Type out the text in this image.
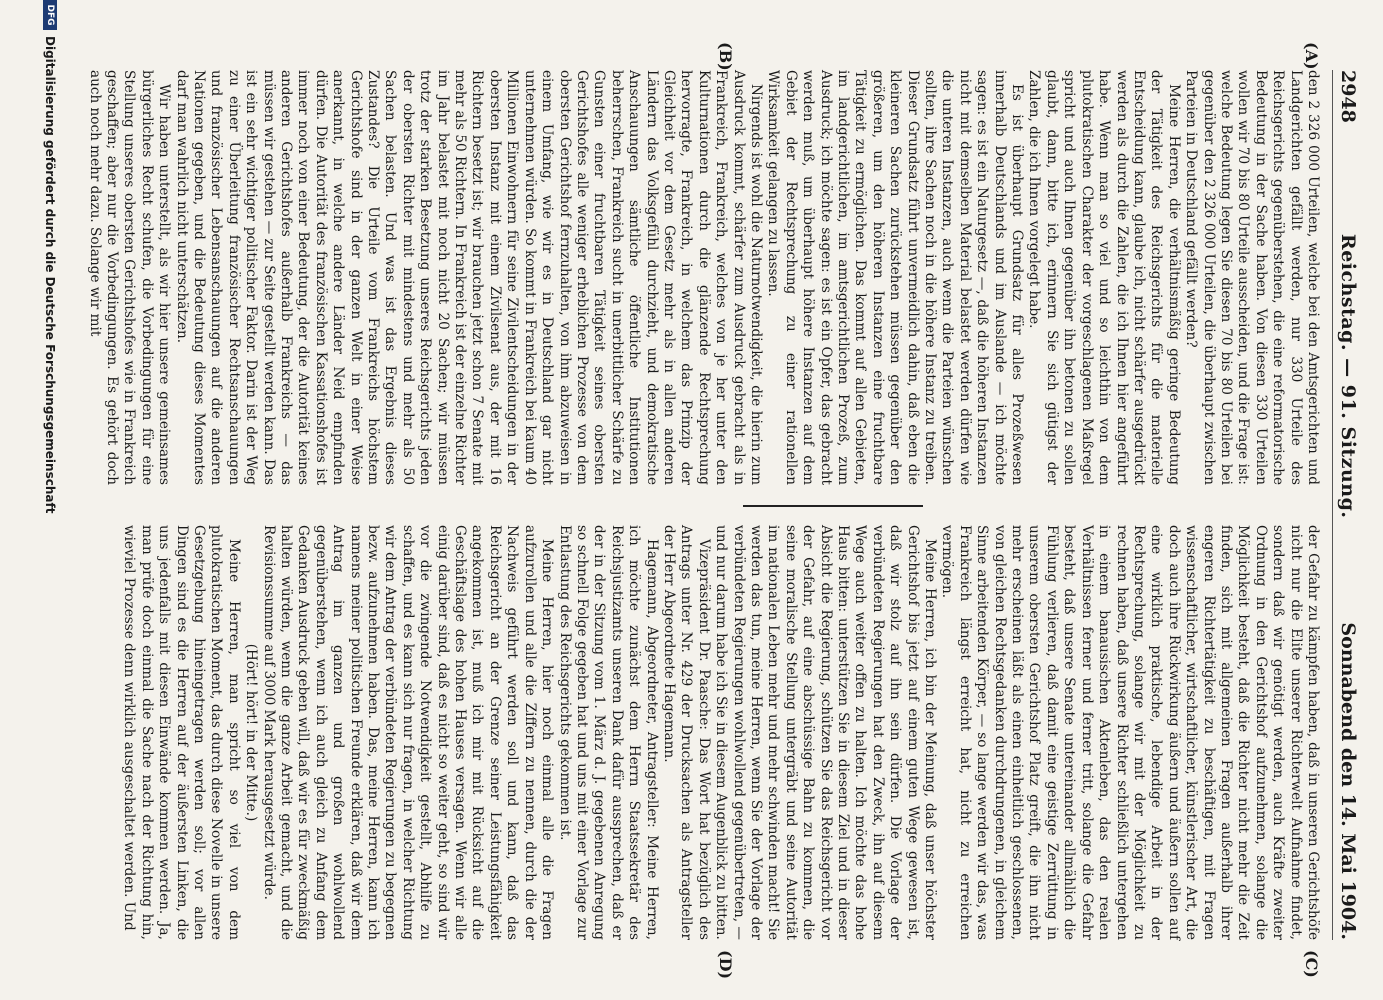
2948
Reichstag. — 91. Sitzung.
Sonnabend den 14. Mai 1904.
(A)
(B)
(C)
(D)

den 2 326 000 Urteilen, welche bei den Amtsgerichten und Landgerichten gefällt werden, nur 330 Urteile des Reichsgerichts gegenüberstehen, die eine reformatorische Bedeutung in der Sache haben. Von diesen 330 Urteilen wollen wir 70 bis 80 Urteile ausscheiden, und die Frage ist: welche Bedeutung legen Sie diesen 70 bis 80 Urteilen bei gegenüber den 2 326 000 Urteilen, die überhaupt zwischen Parteien in Deutschland gefällt werden?

Meine Herren, die verhältnismäßig geringe Bedeutung der Tätigkeit des Reichsgerichts für die materielle Entscheidung kann, glaube ich, nicht schärfer ausgedrückt werden als durch die Zahlen, die ich Ihnen hier angeführt habe. Wenn man so viel und so leichthin von dem plutokratischen Charakter der vorgeschlagenen Maßregel spricht und auch Ihnen gegenüber ihn betonen zu sollen glaubt, dann, bitte ich, erinnern Sie sich gütigst der Zahlen, die ich Ihnen vorgelegt habe.

Es ist überhaupt Grundsatz für alles Prozeßwesen innerhalb Deutschlands und im Auslande — ich möchte sagen: es ist ein Naturgesetz —, daß die höheren Instanzen nicht mit demselben Material belastet werden dürfen wie die unteren Instanzen, auch wenn die Parteien wünschen sollten, ihre Sachen noch in die höhere Instanz zu treiben. Dieser Grundsatz führt unvermeidlich dahin, daß eben die kleineren Sachen zurückstehen müssen gegenüber den größeren, um den höheren Instanzen eine fruchtbare Tätigkeit zu ermöglichen. Das kommt auf allen Gebieten, im landgerichtlichen, im amtsgerichtlichen Prozeß, zum Ausdruck; ich möchte sagen: es ist ein Opfer, das gebracht werden muß, um überhaupt höhere Instanzen auf dem Gebiet der Rechtsprechung zu einer rationellen Wirksamkeit gelangen zu lassen.

Nirgends ist wohl die Naturnotwendigkeit, die hierin zum Ausdruck kommt, schärfer zum Ausdruck gebracht als in Frankreich, Frankreich, welches von je her unter den Kulturnationen durch die glänzende Rechtsprechung hervorragte, Frankreich, in welchem das Prinzip der Gleichheit vor dem Gesetz mehr als in allen anderen Ländern das Volksgefühl durchzieht, und demokratische Anschauungen sämtliche öffentliche Institutionen beherrschen, Frankreich sucht in unerbittlicher Schärfe zu Gunsten einer fruchtbaren Tätigkeit seines obersten Gerichtshofes alle weniger erheblichen Prozesse von dem obersten Gerichtshof fernzuhalten, von ihm abzuweisen in einem Umfang, wie wir es in Deutschland gar nicht unternehmen würden. So kommt in Frankreich bei kaum 40 Millionen Einwohnern für seine Zivilentscheidungen in der obersten Instanz mit einem Zivilsenat aus, der mit 16 Richtern besetzt ist; wir brauchen jetzt schon 7 Senate mit mehr als 50 Richtern. In Frankreich ist der einzelne Richter im Jahr belastet mit noch nicht 20 Sachen; wir müssen trotz der starken Besetzung unseres Reichsgerichts jeden der obersten Richter mit mindestens und mehr als 50 Sachen belasten. Und was ist das Ergebnis dieses Zustandes? Die Urteile vom Frankreichs höchstem Gerichtshofe sind in der ganzen Welt in einer Weise anerkannt, in welche andere Länder Neid empfinden dürfen. Die Autorität des französischen Kassationshofes ist immer noch von einer Bedeutung, der die Autorität keines anderen Gerichtshofes außerhalb Frankreichs — das müssen wir gestehen — zur Seite gestellt werden kann. Das ist ein sehr wichtiger politischer Faktor. Darin ist der Weg zu einer Überleitung französischer Rechtsanschauungen und französischer Lebensanschauungen auf die anderen Nationen gegeben, und die Bedeutung dieses Momentes darf man wahrlich nicht unterschätzen.

Wir haben unterstellt, als wir hier unsere gemeinsames bürgerliches Recht schufen, die Vorbedingungen für eine Stellung unseres obersten Gerichtshofes wie in Frankreich geschaffen; aber nur die Vorbedingungen. Es gehört doch auch noch mehr dazu. Solange wir mit

der Gefahr zu kämpfen haben, daß in unseren Gerichtshöfe nicht nur die Elite unserer Richterwelt Aufnahme findet, sondern daß wir genötigt werden, auch Kräfte zweiter Ordnung in den Gerichtshof aufzunehmen, solange die Möglichkeit besteht, daß die Richter nicht mehr die Zeit finden, sich mit allgemeinen Fragen außerhalb ihrer engeren Richtertätigkeit zu beschäftigen, mit Fragen wissenschaftlicher, wirtschaftlicher, künstlerischer Art, die doch auch ihre Rückwirkung äußern und äußern sollen auf eine wirklich praktische, lebendige Arbeit in der Rechtsprechung, solange wir mit der Möglichkeit zu rechnen haben, daß unsere Richter schließlich untergehen in einem banausischen Aktenleben, das den realen Verhältnissen ferner und ferner tritt, solange die Gefahr besteht, daß unsere Senate untereinander allmählich die Fühlung verlieren, daß damit eine geistige Zerrüttung in unserem obersten Gerichtshof Platz greift, die ihn nicht mehr erscheinen läßt als einen einheitlich geschlossenen, von gleichen Rechtsgedanken durchdrungenen, in gleichem Sinne arbeitenden Körper, — so lange werden wir das, was Frankreich längst erreicht hat, nicht zu erreichen vermögen.

Meine Herren, ich bin der Meinung, daß unser höchster Gerichtshof bis jetzt auf einem guten Wege gewesen ist, daß wir stolz auf ihn sein dürfen. Die Vorlage der verbündeten Regierungen hat den Zweck, ihn auf diesem Wege auch weiter offen zu halten. Ich möchte das hohe Haus bitten: unterstützen Sie in diesem Ziel und in dieser Absicht die Regierung, schützen Sie das Reichsgericht vor der Gefahr, auf eine abschüssige Bahn zu kommen, die seine moralische Stellung untergräbt und seine Autorität im nationalen Leben mehr und mehr schwinden macht! Sie werden das tun, meine Herren, wenn Sie der Vorlage der verbündeten Regierungen wohlwollend gegenübertreten, — und nur darum habe ich Sie in diesem Augenblick zu bitten.

Vizepräsident Dr. Paasche: Das Wort hat bezüglich des Antrags unter Nr. 429 der Drucksachen als Antragsteller der Herr Abgeordnete Hagemann.

Hagemann, Abgeordneter, Antragsteller: Meine Herren, ich möchte zunächst dem Herrn Staatssekretär des Reichsjustizamts unseren Dank dafür aussprechen, daß er der in der Sitzung vom 1. März d. J. gegebenen Anregung so schnell Folge gegeben hat und uns mit einer Vorlage zur Entlastung des Reichsgerichts gekommen ist.

Meine Herren, hier noch einmal alle die Fragen aufzurollen und alle die Ziffern zu nennen, durch die der Nachweis geführt werden soll und kann, daß das Reichsgericht an der Grenze seiner Leistungsfähigkeit angekommen ist, muß ich mir mit Rücksicht auf die Geschäftslage des hohen Hauses versagen. Wenn wir alle einig darüber sind, daß es nicht so weiter geht, so sind wir vor die zwingende Notwendigkeit gestellt, Abhilfe zu schaffen, und es kann sich nur fragen, in welcher Richtung wir dem Antrag der verbündeten Regierungen zu begegnen bezw. aufzunehmen haben. Das, meine Herren, kann ich namens meiner politischen Freunde erklären, daß wir dem Antrag im ganzen und großen wohlwollend gegenüberstehen, wenn ich auch gleich zu Anfang dem Gedanken Ausdruck geben will, daß wir es für zweckmäßig halten würden, wenn die ganze Arbeit gemacht, und die Revisionssumme auf 3000 Mark herausgesetzt würde.

(Hört! hört! in der Mitte.)

Meine Herren, man spricht so viel von dem plutokratischen Moment, das durch diese Novelle in unsere Gesetzgebung hineingetragen werden soll; vor allen Dingen sind es die Herren auf der äußersten Linken, die uns jedenfalls mit diesen Einwände kommen werden. Ja, man prüfe doch einmal die Sache nach der Richtung hin, wieviel Prozesse denn wirklich ausgeschaltet werden. Und

DFG
Digitalisierung gefördert durch die Deutsche Forschungsgemeinschaft
